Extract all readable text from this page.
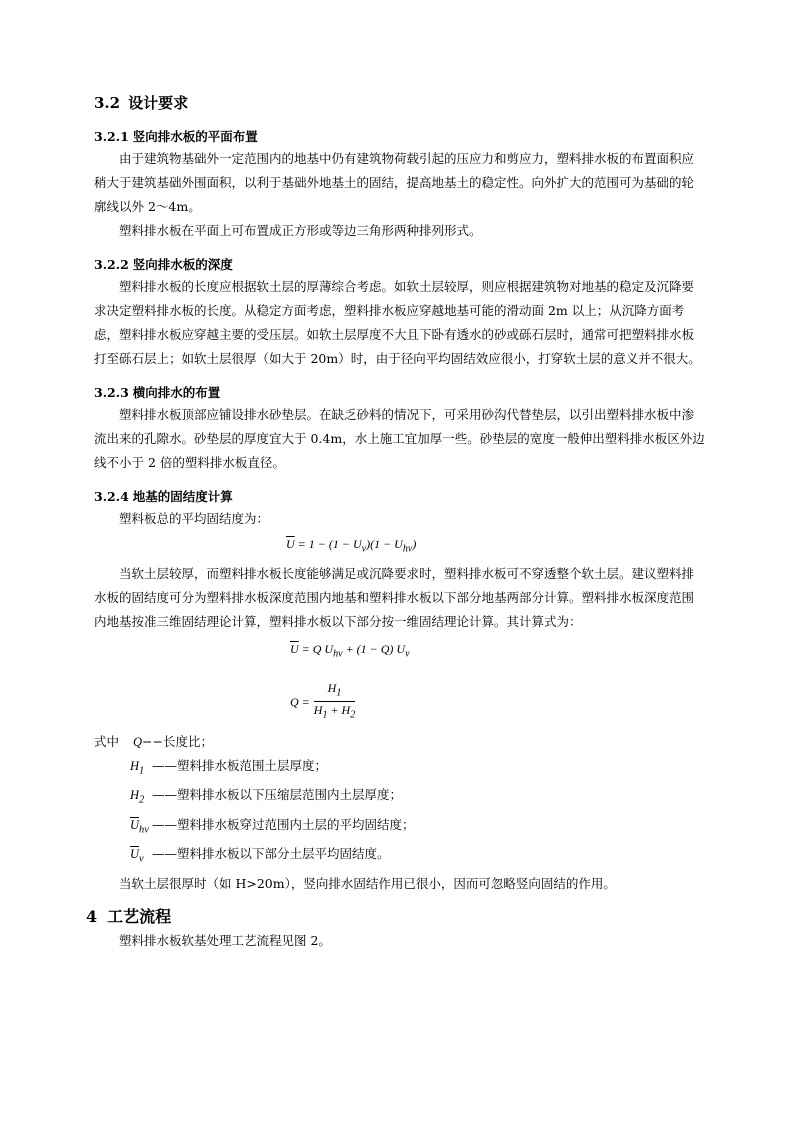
3.2 设计要求
3.2.1 竖向排水板的平面布置

由于建筑物基础外一定范围内的地基中仍有建筑物荷载引起的压应力和剪应力，塑料排水板的布置面积应稍大于建筑基础外围面积，以利于基础外地基土的固结，提高地基土的稳定性。向外扩大的范围可为基础的轮廓线以外 2～4m。

塑料排水板在平面上可布置成正方形或等边三角形两种排列形式。

3.2.2 竖向排水板的深度

塑料排水板的长度应根据软土层的厚薄综合考虑。如软土层较厚，则应根据建筑物对地基的稳定及沉降要求决定塑料排水板的长度。从稳定方面考虑，塑料排水板应穿越地基可能的滑动面 2m 以上；从沉降方面考虑，塑料排水板应穿越主要的受压层。如软土层厚度不大且下卧有透水的砂或砾石层时，通常可把塑料排水板打至砾石层上；如软土层很厚（如大于 20m）时，由于径向平均固结效应很小，打穿软土层的意义并不很大。

3.2.3 横向排水的布置

塑料排水板顶部应铺设排水砂垫层。在缺乏砂料的情况下，可采用砂沟代替垫层，以引出塑料排水板中渗流出来的孔隙水。砂垫层的厚度宜大于 0.4m，水上施工宜加厚一些。砂垫层的宽度一般伸出塑料排水板区外边线不小于 2 倍的塑料排水板直径。

3.2.4 地基的固结度计算

塑料板总的平均固结度为：

$\overline{U} = 1 - (1 - U_v)(1 - U_{hv})$

当软土层较厚，而塑料排水板长度能够满足或沉降要求时，塑料排水板可不穿透整个软土层。建议塑料排水板的固结度可分为塑料排水板深度范围内地基和塑料排水板以下部分地基两部分计算。塑料排水板深度范围内地基按准三维固结理论计算，塑料排水板以下部分按一维固结理论计算。其计算式为：

$\overline{U} = Q$ $U_{hv} + (1 - Q)$ $U_v$
$Q = \frac{H_1}{H_1 + H_2}$

式中 Q−−长度比；

$H_1$ ——塑料排水板范围土层厚度；
$H_2$ ——塑料排水板以下压缩层范围内土层厚度；
$\overline{U}_{hv}$ ——塑料排水板穿过范围内土层的平均固结度；
$\overline{U}_v$ ——塑料排水板以下部分土层平均固结度。

当软土层很厚时（如 H>20m），竖向排水固结作用已很小，因而可忽略竖向固结的作用。

4 工艺流程

塑料排水板软基处理工艺流程见图 2。
